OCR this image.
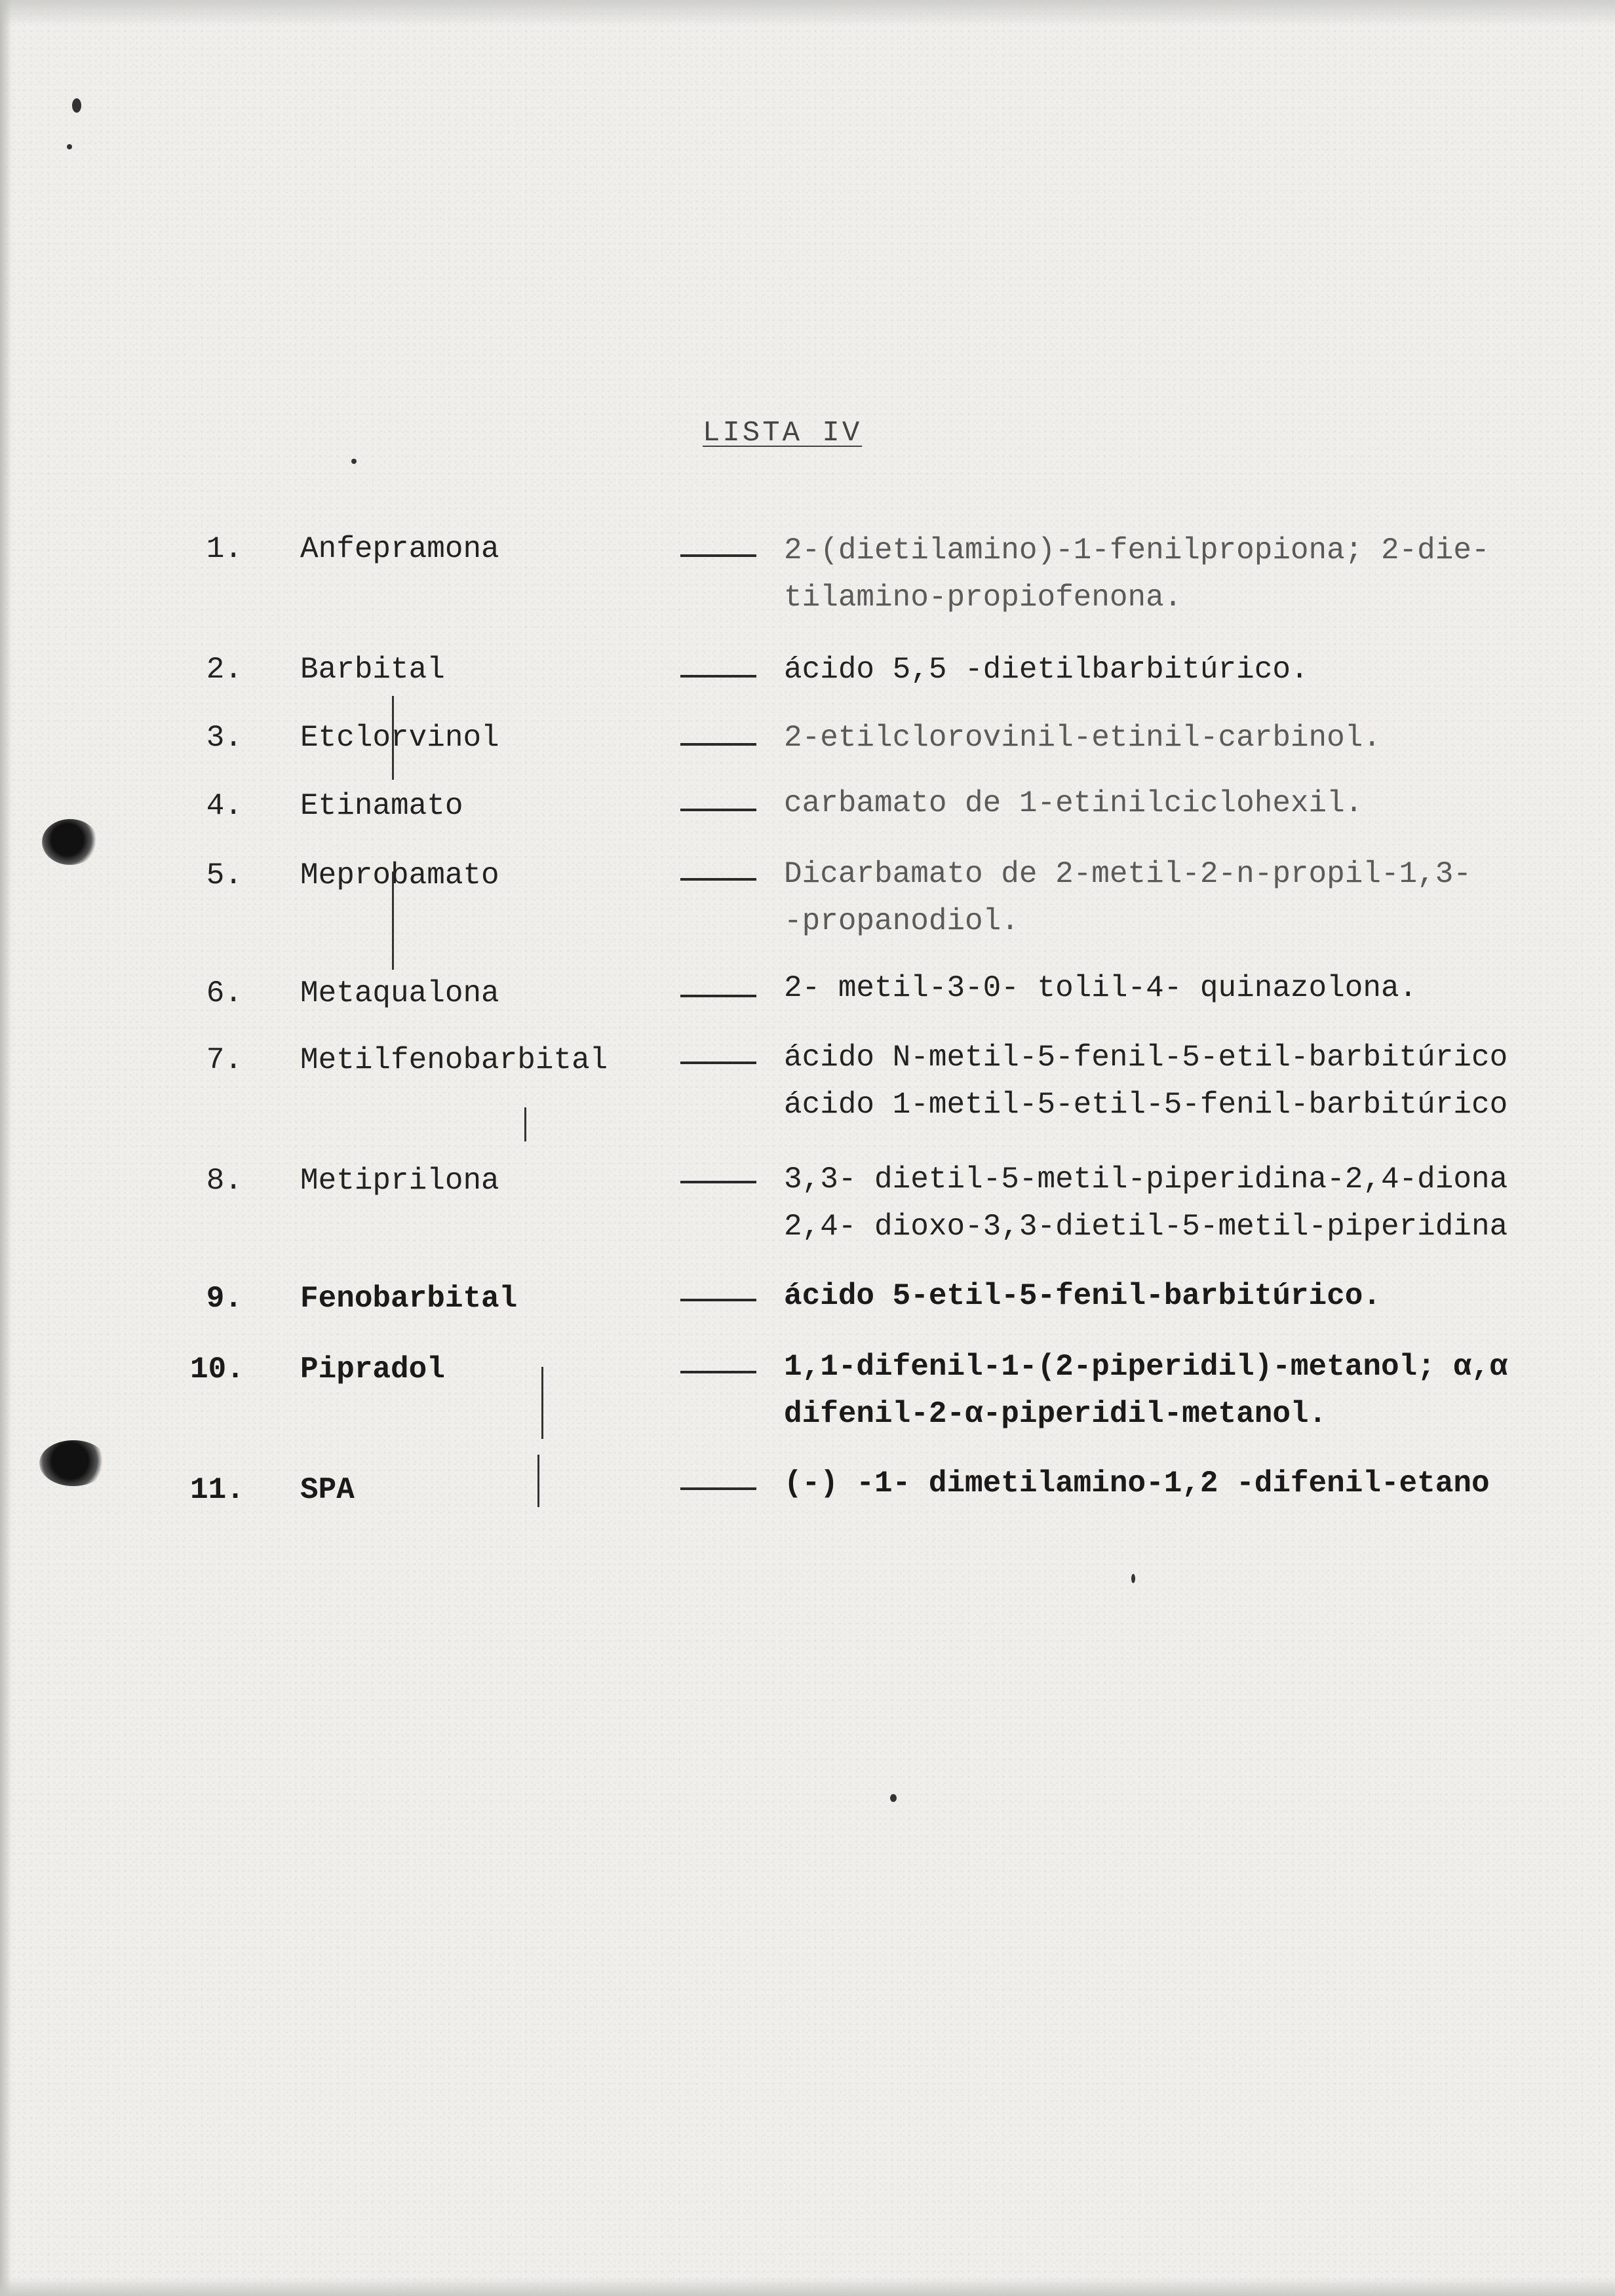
LISTA IV
1. Anfepramona	2-(dietilamino)-1-fenilpropiona; 2-die-
tilamino-propiofenona.
2. Barbital	ácido 5,5 -dietilbarbitúrico.
3. Etclorvinol	2-etilclorovinil-etinil-carbinol.
4. Etinamato	carbamato de 1-etinilciclohexil.
5. Meprobamato	Dicarbamato de 2-metil-2-n-propil-1,3-
-propanodiol.
6. Metaqualona	2- metil-3-0- tolil-4- quinazolona.
7. Metilfenobarbital	ácido N-metil-5-fenil-5-etil-barbitúrico
ácido 1-metil-5-etil-5-fenil-barbitúrico
8. Metiprilona	3,3- dietil-5-metil-piperidina-2,4-diona
2,4- dioxo-3,3-dietil-5-metil-piperidina
9. Fenobarbital	ácido 5-etil-5-fenil-barbitúrico.
10. Pipradol	1,1-difenil-1-(2-piperidil)-metanol; α,α
difenil-2-α-piperidil-metanol.
11. SPA	(-) -1- dimetilamino-1,2 -difenil-etano
